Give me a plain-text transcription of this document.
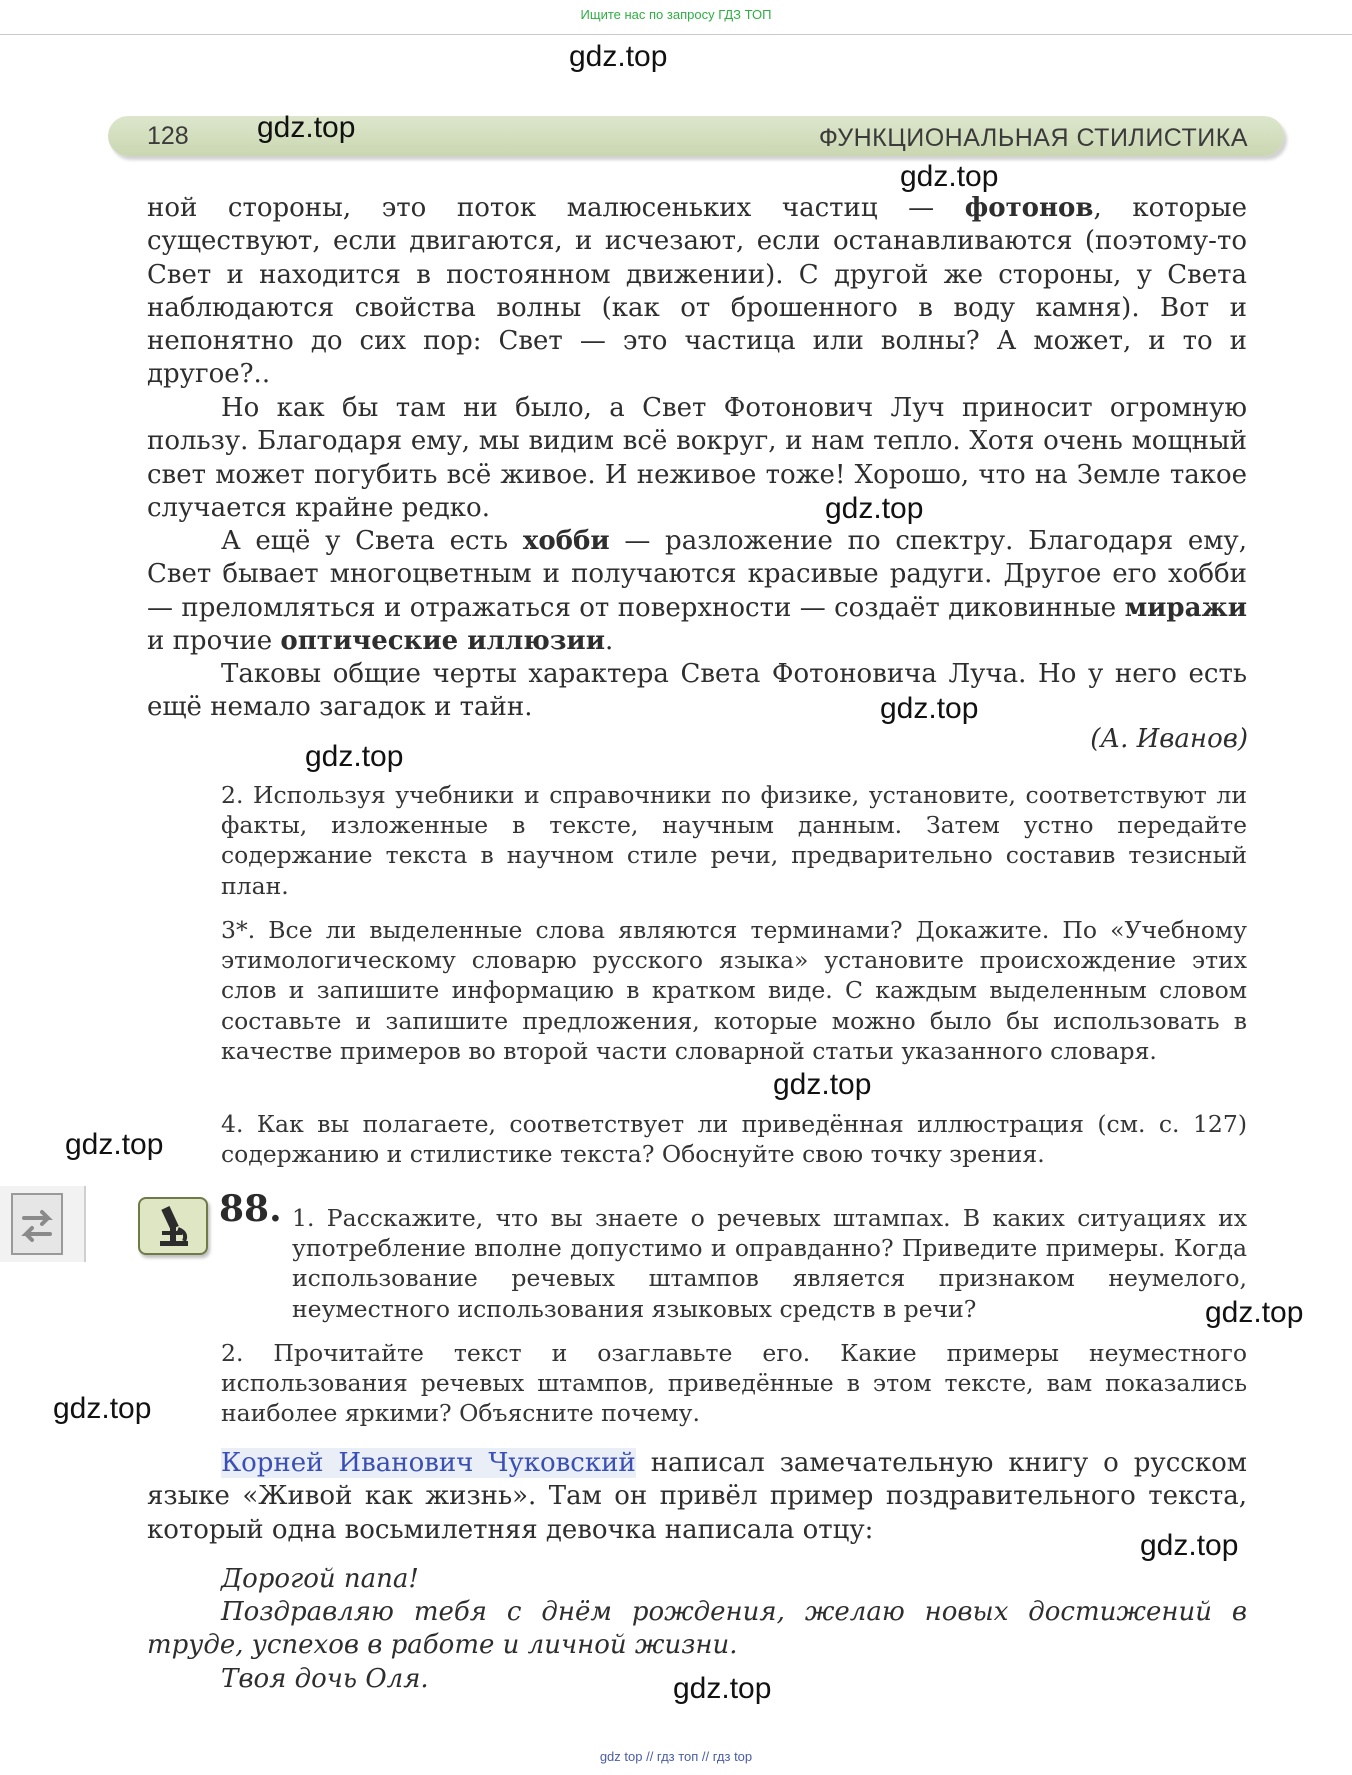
Ищите нас по запросу ГДЗ ТОП
128	ФУНКЦИОНАЛЬНАЯ СТИЛИСТИКА

ной стороны, это поток малюсеньких частиц — фотонов, которые существуют, если двигаются, и исчезают, если останавливаются (поэтому-то Свет и находится в постоянном движении). С другой же стороны, у Света наблюдаются свойства волны (как от брошенного в воду камня). Вот и непонятно до сих пор: Свет — это частица или волны? А может, и то и другое?..

Но как бы там ни было, а Свет Фотонович Луч приносит огромную пользу. Благодаря ему, мы видим всё вокруг, и нам тепло. Хотя очень мощный свет может погубить всё живое. И неживое тоже! Хорошо, что на Земле такое случается крайне редко.

А ещё у Света есть хобби — разложение по спектру. Благодаря ему, Свет бывает многоцветным и получаются красивые радуги. Другое его хобби — преломляться и отражаться от поверхности — создаёт диковинные миражи и прочие оптические иллюзии.

Таковы общие черты характера Света Фотоновича Луча. Но у него есть ещё немало загадок и тайн.

(А. Иванов)

2. Используя учебники и справочники по физике, установите, соответствуют ли факты, изложенные в тексте, научным данным. Затем устно передайте содержание текста в научном стиле речи, предварительно составив тезисный план.

3*. Все ли выделенные слова являются терминами? Докажите. По «Учебному этимологическому словарю русского языка» установите происхождение этих слов и запишите информацию в кратком виде. С каждым выделенным словом составьте и запишите предложения, которые можно было бы использовать в качестве примеров во второй части словарной статьи указанного словаря.

4. Как вы полагаете, соответствует ли приведённая иллюстрация (см. с. 127) содержанию и стилистике текста? Обоснуйте свою точку зрения.

88. 1. Расскажите, что вы знаете о речевых штампах. В каких ситуациях их употребление вполне допустимо и оправданно? Приведите примеры. Когда использование речевых штампов является признаком неумелого, неуместного использования языковых средств в речи?

2. Прочитайте текст и озаглавьте его. Какие примеры неуместного использования речевых штампов, приведённые в этом тексте, вам показались наиболее яркими? Объясните почему.

Корней Иванович Чуковский написал замечательную книгу о русском языке «Живой как жизнь». Там он привёл пример поздравительного текста, который одна восьмилетняя девочка написала отцу:

Дорогой папа!

Поздравляю тебя с днём рождения, желаю новых достижений в труде, успехов в работе и личной жизни.

Твоя дочь Оля.

gdz.top
gdz.top
gdz.top
gdz.top
gdz.top
gdz.top
gdz.top
gdz.top
gdz.top
gdz.top
gdz.top
gdz.top
gdz top // гдз топ // гдз top
